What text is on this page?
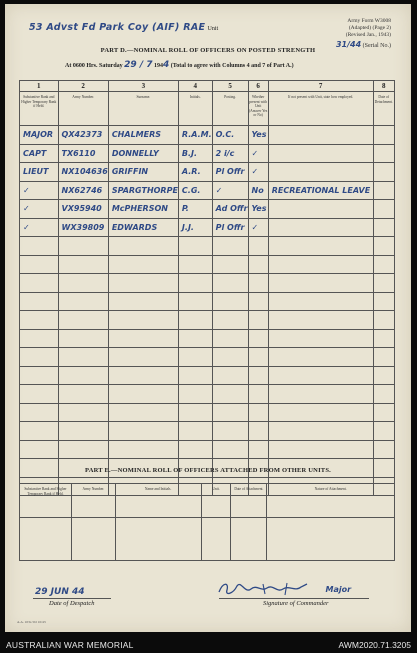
53 Advst Fd Park Coy (AIF) RAE Unit
Army Form W3008
(Adapted) (Page 2)
(Revised Jan., 1943)
31/44 (Serial No.)
PART D.—NOMINAL ROLL OF OFFICERS ON POSTED STRENGTH
At 0600 Hrs. Saturday 29 / 7 1944 (Total to agree with Columns 4 and 7 of Part A.)
1	2	3	4	5	6	7	8
Substantive Rank and Higher Temporary Rank if Held.	Army Number.	Surname.	Initials.	Posting.	Whether present with Unit (Answer Yes or No)	If not present with Unit, state how employed.	Date of Detachment.

MAJOR	QX42373	CHALMERS	R.A.M.	O.C.	Yes		

CAPT	TX6110	DONNELLY	B.J.	2 i/c	✓		

LIEUT	NX104636	GRIFFIN	A.R.	Pl Offr	✓		

✓	NX62746	SPARGTHORPE	C.G.	✓	No	RECREATIONAL LEAVE	

✓	VX95940	McPHERSON	P.	Ad Offr	Yes		

✓	WX39809	EDWARDS	J.J.	Pl Offr	✓		

PART E.—NOMINAL ROLL OF OFFICERS ATTACHED FROM OTHER UNITS.
Substantive Rank and Higher Temporary Rank if Held.	Army Number.	Name and Initials.	Unit.	Date of Attachment.	Nature of Attachment.

29 JUN 44
Date of Despatch
Major
Signature of Commander
A.A. 103a 5bl 10/43
AUSTRALIAN WAR MEMORIAL	AWM2020.71.3205
